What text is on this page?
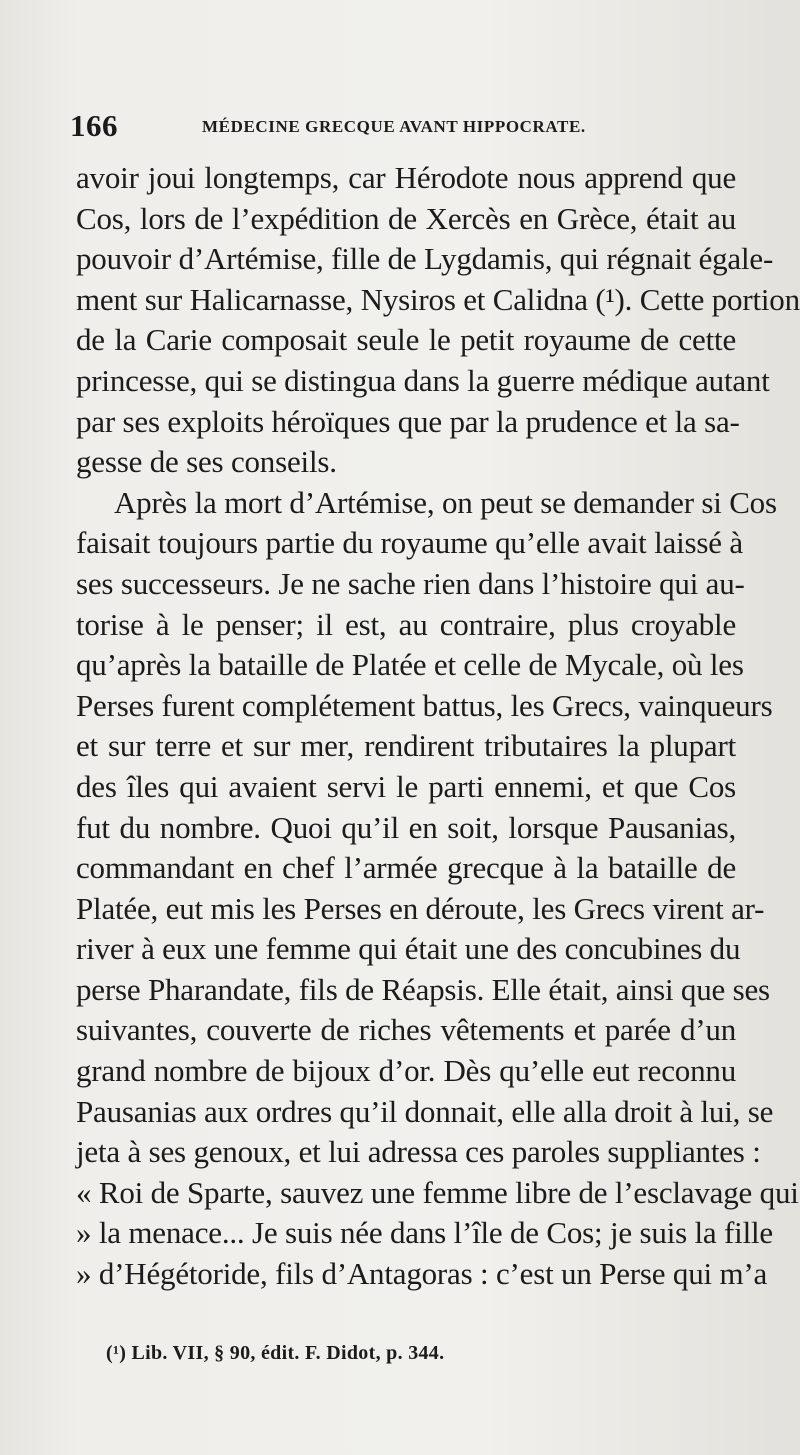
166	MÉDECINE GRECQUE AVANT HIPPOCRATE.
avoir joui longtemps, car Hérodote nous apprend que
Cos, lors de l’expédition de Xercès en Grèce, était au
pouvoir d’Artémise, fille de Lygdamis, qui régnait égale-
ment sur Halicarnasse, Nysiros et Calidna (¹). Cette portion
de la Carie composait seule le petit royaume de cette
princesse, qui se distingua dans la guerre médique autant
par ses exploits héroïques que par la prudence et la sa-
gesse de ses conseils.
Après la mort d’Artémise, on peut se demander si Cos
faisait toujours partie du royaume qu’elle avait laissé à
ses successeurs. Je ne sache rien dans l’histoire qui au-
torise à le penser; il est, au contraire, plus croyable
qu’après la bataille de Platée et celle de Mycale, où les
Perses furent complétement battus, les Grecs, vainqueurs
et sur terre et sur mer, rendirent tributaires la plupart
des îles qui avaient servi le parti ennemi, et que Cos
fut du nombre. Quoi qu’il en soit, lorsque Pausanias,
commandant en chef l’armée grecque à la bataille de
Platée, eut mis les Perses en déroute, les Grecs virent ar-
river à eux une femme qui était une des concubines du
perse Pharandate, fils de Réapsis. Elle était, ainsi que ses
suivantes, couverte de riches vêtements et parée d’un
grand nombre de bijoux d’or. Dès qu’elle eut reconnu
Pausanias aux ordres qu’il donnait, elle alla droit à lui, se
jeta à ses genoux, et lui adressa ces paroles suppliantes :
« Roi de Sparte, sauvez une femme libre de l’esclavage qui
» la menace... Je suis née dans l’île de Cos; je suis la fille
» d’Hégétoride, fils d’Antagoras : c’est un Perse qui m’a
(¹) Lib. VII, § 90, édit. F. Didot, p. 344.
